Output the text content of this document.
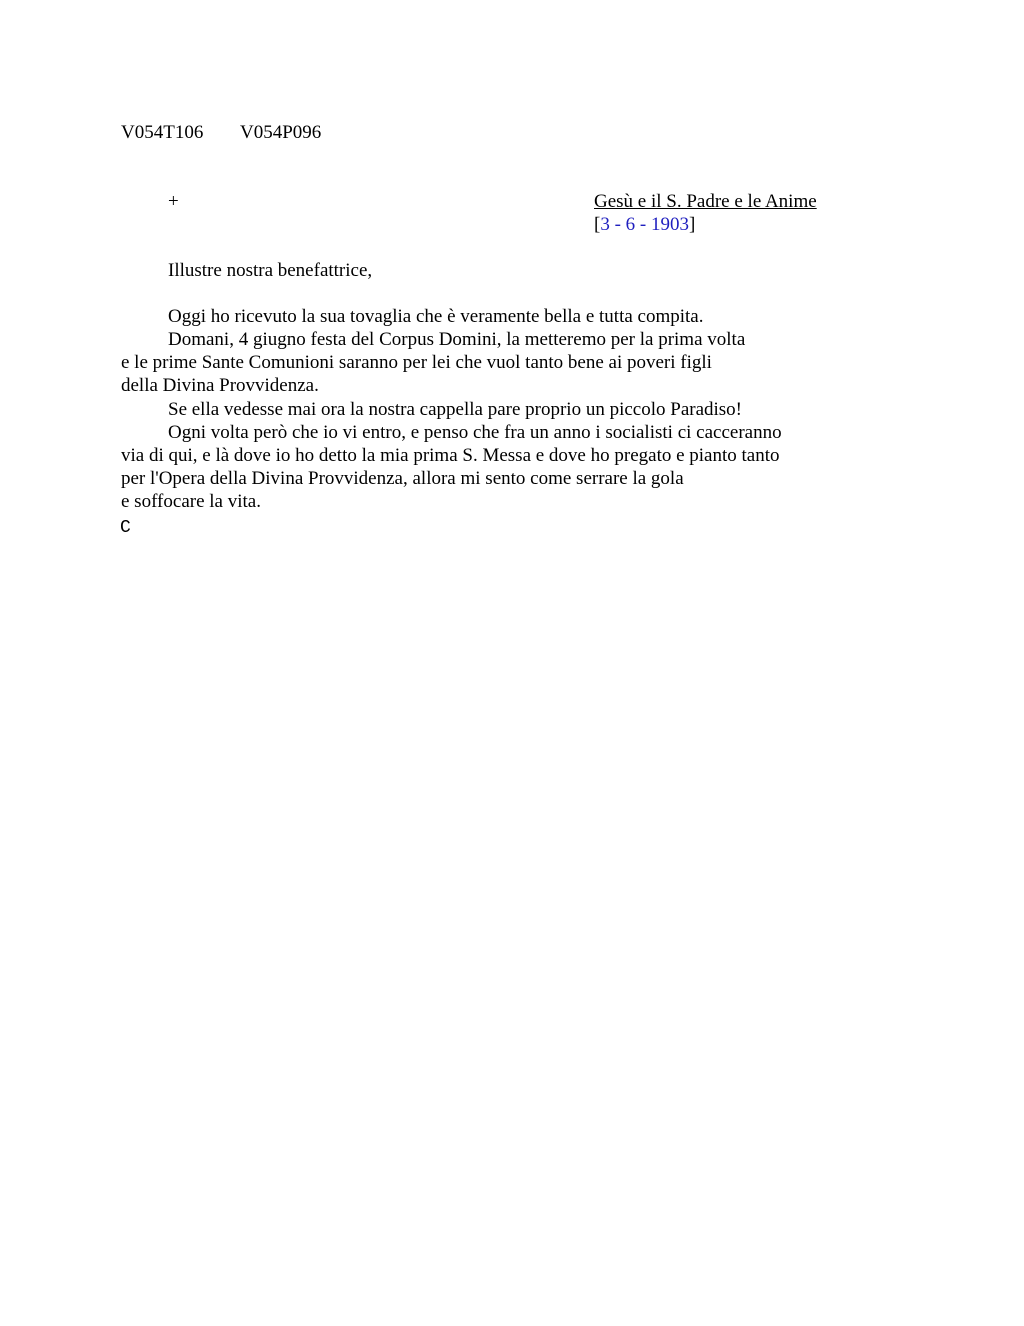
V054T106 V054P096
+	Gesù e il S. Padre e le Anime
[3 - 6 - 1903]
Illustre nostra benefattrice,
Oggi ho ricevuto la sua tovaglia che è veramente bella e tutta compita.
Domani, 4 giugno festa del Corpus Domini, la metteremo per la prima volta
e le prime Sante Comunioni saranno per lei che vuol tanto bene ai poveri figli
della Divina Provvidenza.
Se ella vedesse mai ora la nostra cappella pare proprio un piccolo Paradiso!
Ogni volta però che io vi entro, e penso che fra un anno i socialisti ci cacceranno
via di qui, e là dove io ho detto la mia prima S. Messa e dove ho pregato e pianto tanto
per l'Opera della Divina Provvidenza, allora mi sento come serrare la gola
e soffocare la vita.
C
